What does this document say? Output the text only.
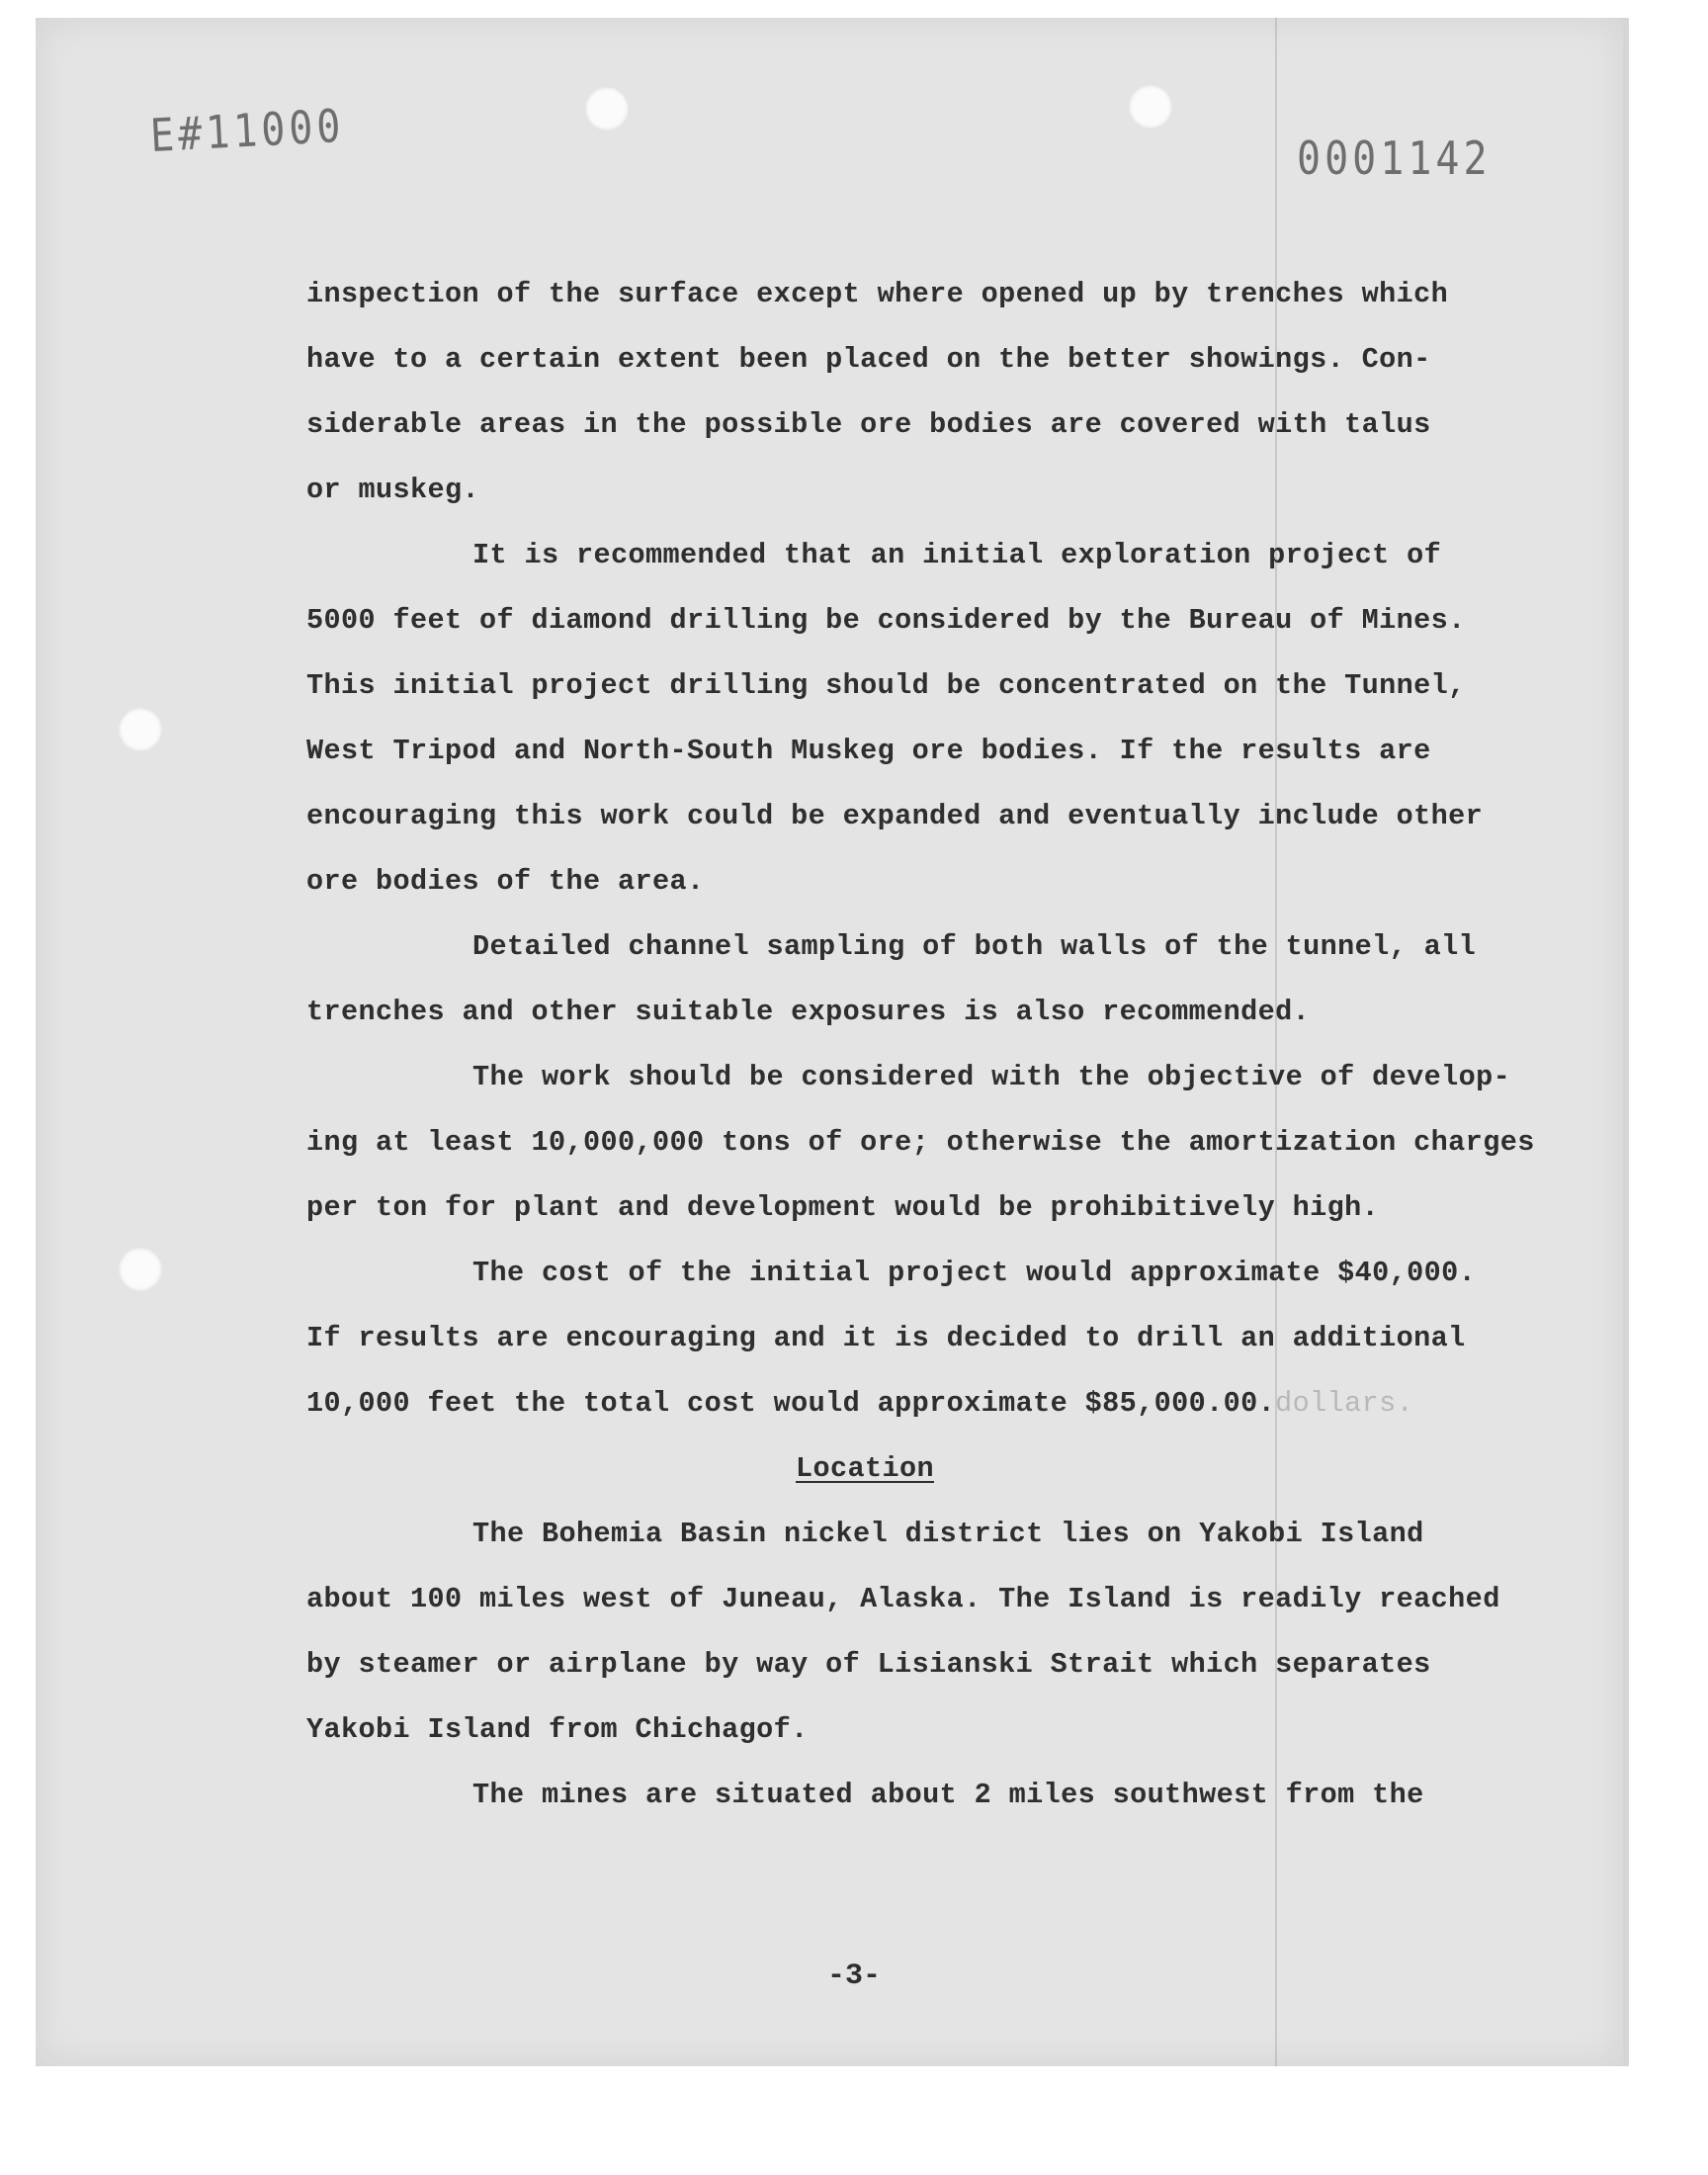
E#11000	0001142
inspection of the surface except where opened up by trenches which
have to a certain extent been placed on the better showings. Con-
siderable areas in the possible ore bodies are covered with talus
or muskeg.
It is recommended that an initial exploration project of
5000 feet of diamond drilling be considered by the Bureau of Mines.
This initial project drilling should be concentrated on the Tunnel,
West Tripod and North-South Muskeg ore bodies. If the results are
encouraging this work could be expanded and eventually include other
ore bodies of the area.
Detailed channel sampling of both walls of the tunnel, all
trenches and other suitable exposures is also recommended.
The work should be considered with the objective of develop-
ing at least 10,000,000 tons of ore; otherwise the amortization charges
per ton for plant and development would be prohibitively high.
The cost of the initial project would approximate $40,000.
If results are encouraging and it is decided to drill an additional
10,000 feet the total cost would approximate $85,000.00.dollars.
Location
The Bohemia Basin nickel district lies on Yakobi Island
about 100 miles west of Juneau, Alaska. The Island is readily reached
by steamer or airplane by way of Lisianski Strait which separates
Yakobi Island from Chichagof.
The mines are situated about 2 miles southwest from the
-3-
